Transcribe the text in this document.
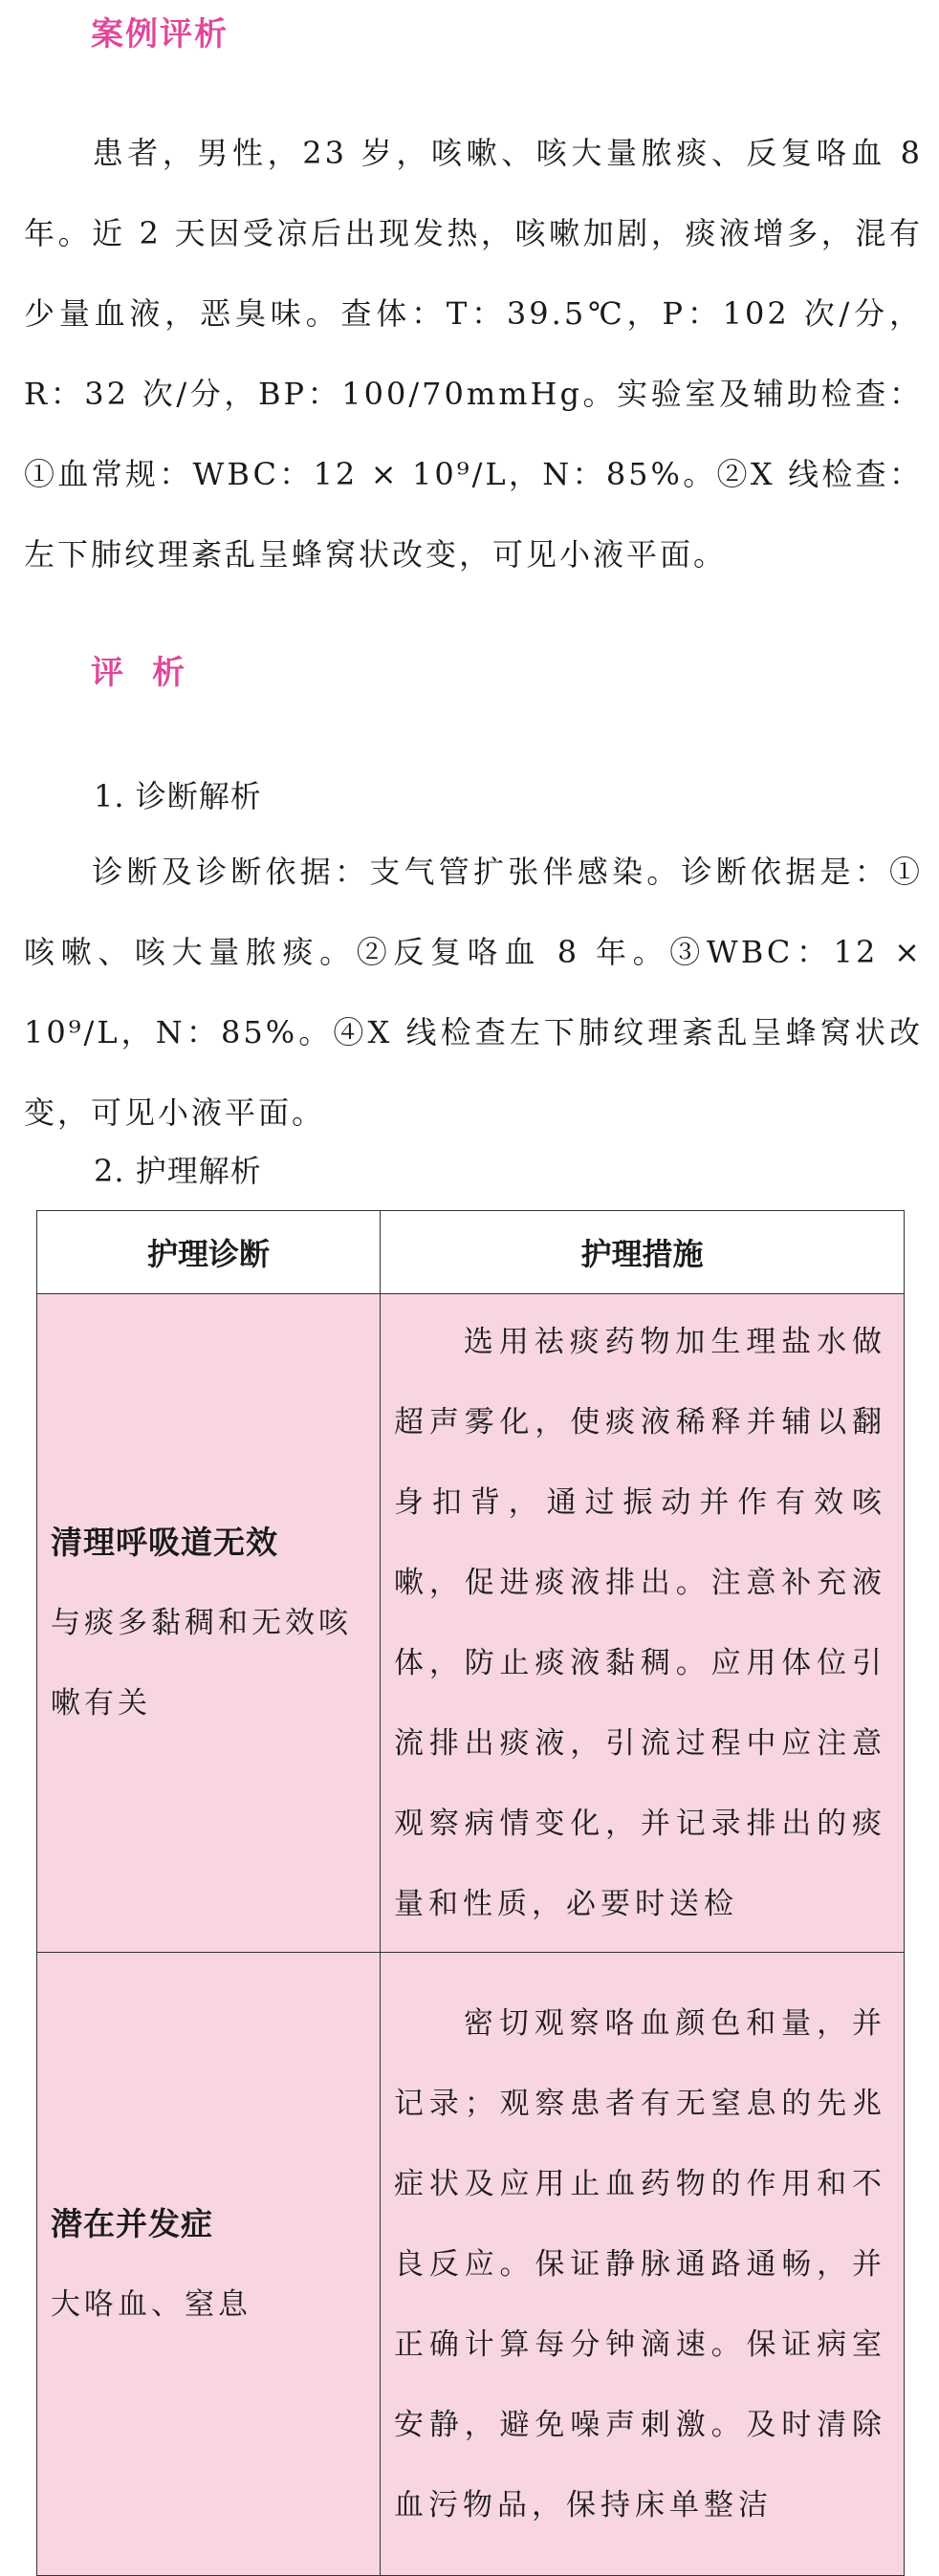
案例评析
患者，男性，23 岁，咳嗽、咳大量脓痰、反复咯血 8 年。近 2 天因受凉后出现发热，咳嗽加剧，痰液增多，混有少量血液，恶臭味。查体：T：39.5℃，P：102 次/分，R：32 次/分，BP：100/70mmHg。实验室及辅助检查：①血常规：WBC：12 × 10⁹/L，N：85%。②X 线检查：左下肺纹理紊乱呈蜂窝状改变，可见小液平面。
评析
1. 诊断解析
诊断及诊断依据：支气管扩张伴感染。诊断依据是：①咳嗽、咳大量脓痰。②反复咯血 8 年。③WBC：12 × 10⁹/L，N：85%。④X 线检查左下肺纹理紊乱呈蜂窝状改变，可见小液平面。
2. 护理解析
护理诊断	护理措施

清理呼吸道无效
与痰多黏稠和无效咳嗽有关	选用祛痰药物加生理盐水做超声雾化，使痰液稀释并辅以翻身扣背，通过振动并作有效咳嗽，促进痰液排出。注意补充液体，防止痰液黏稠。应用体位引流排出痰液，引流过程中应注意观察病情变化，并记录排出的痰量和性质，必要时送检

潜在并发症
大咯血、窒息	密切观察咯血颜色和量，并记录；观察患者有无窒息的先兆症状及应用止血药物的作用和不良反应。保证静脉通路通畅，并正确计算每分钟滴速。保证病室安静，避免噪声刺激。及时清除血污物品，保持床单整洁
